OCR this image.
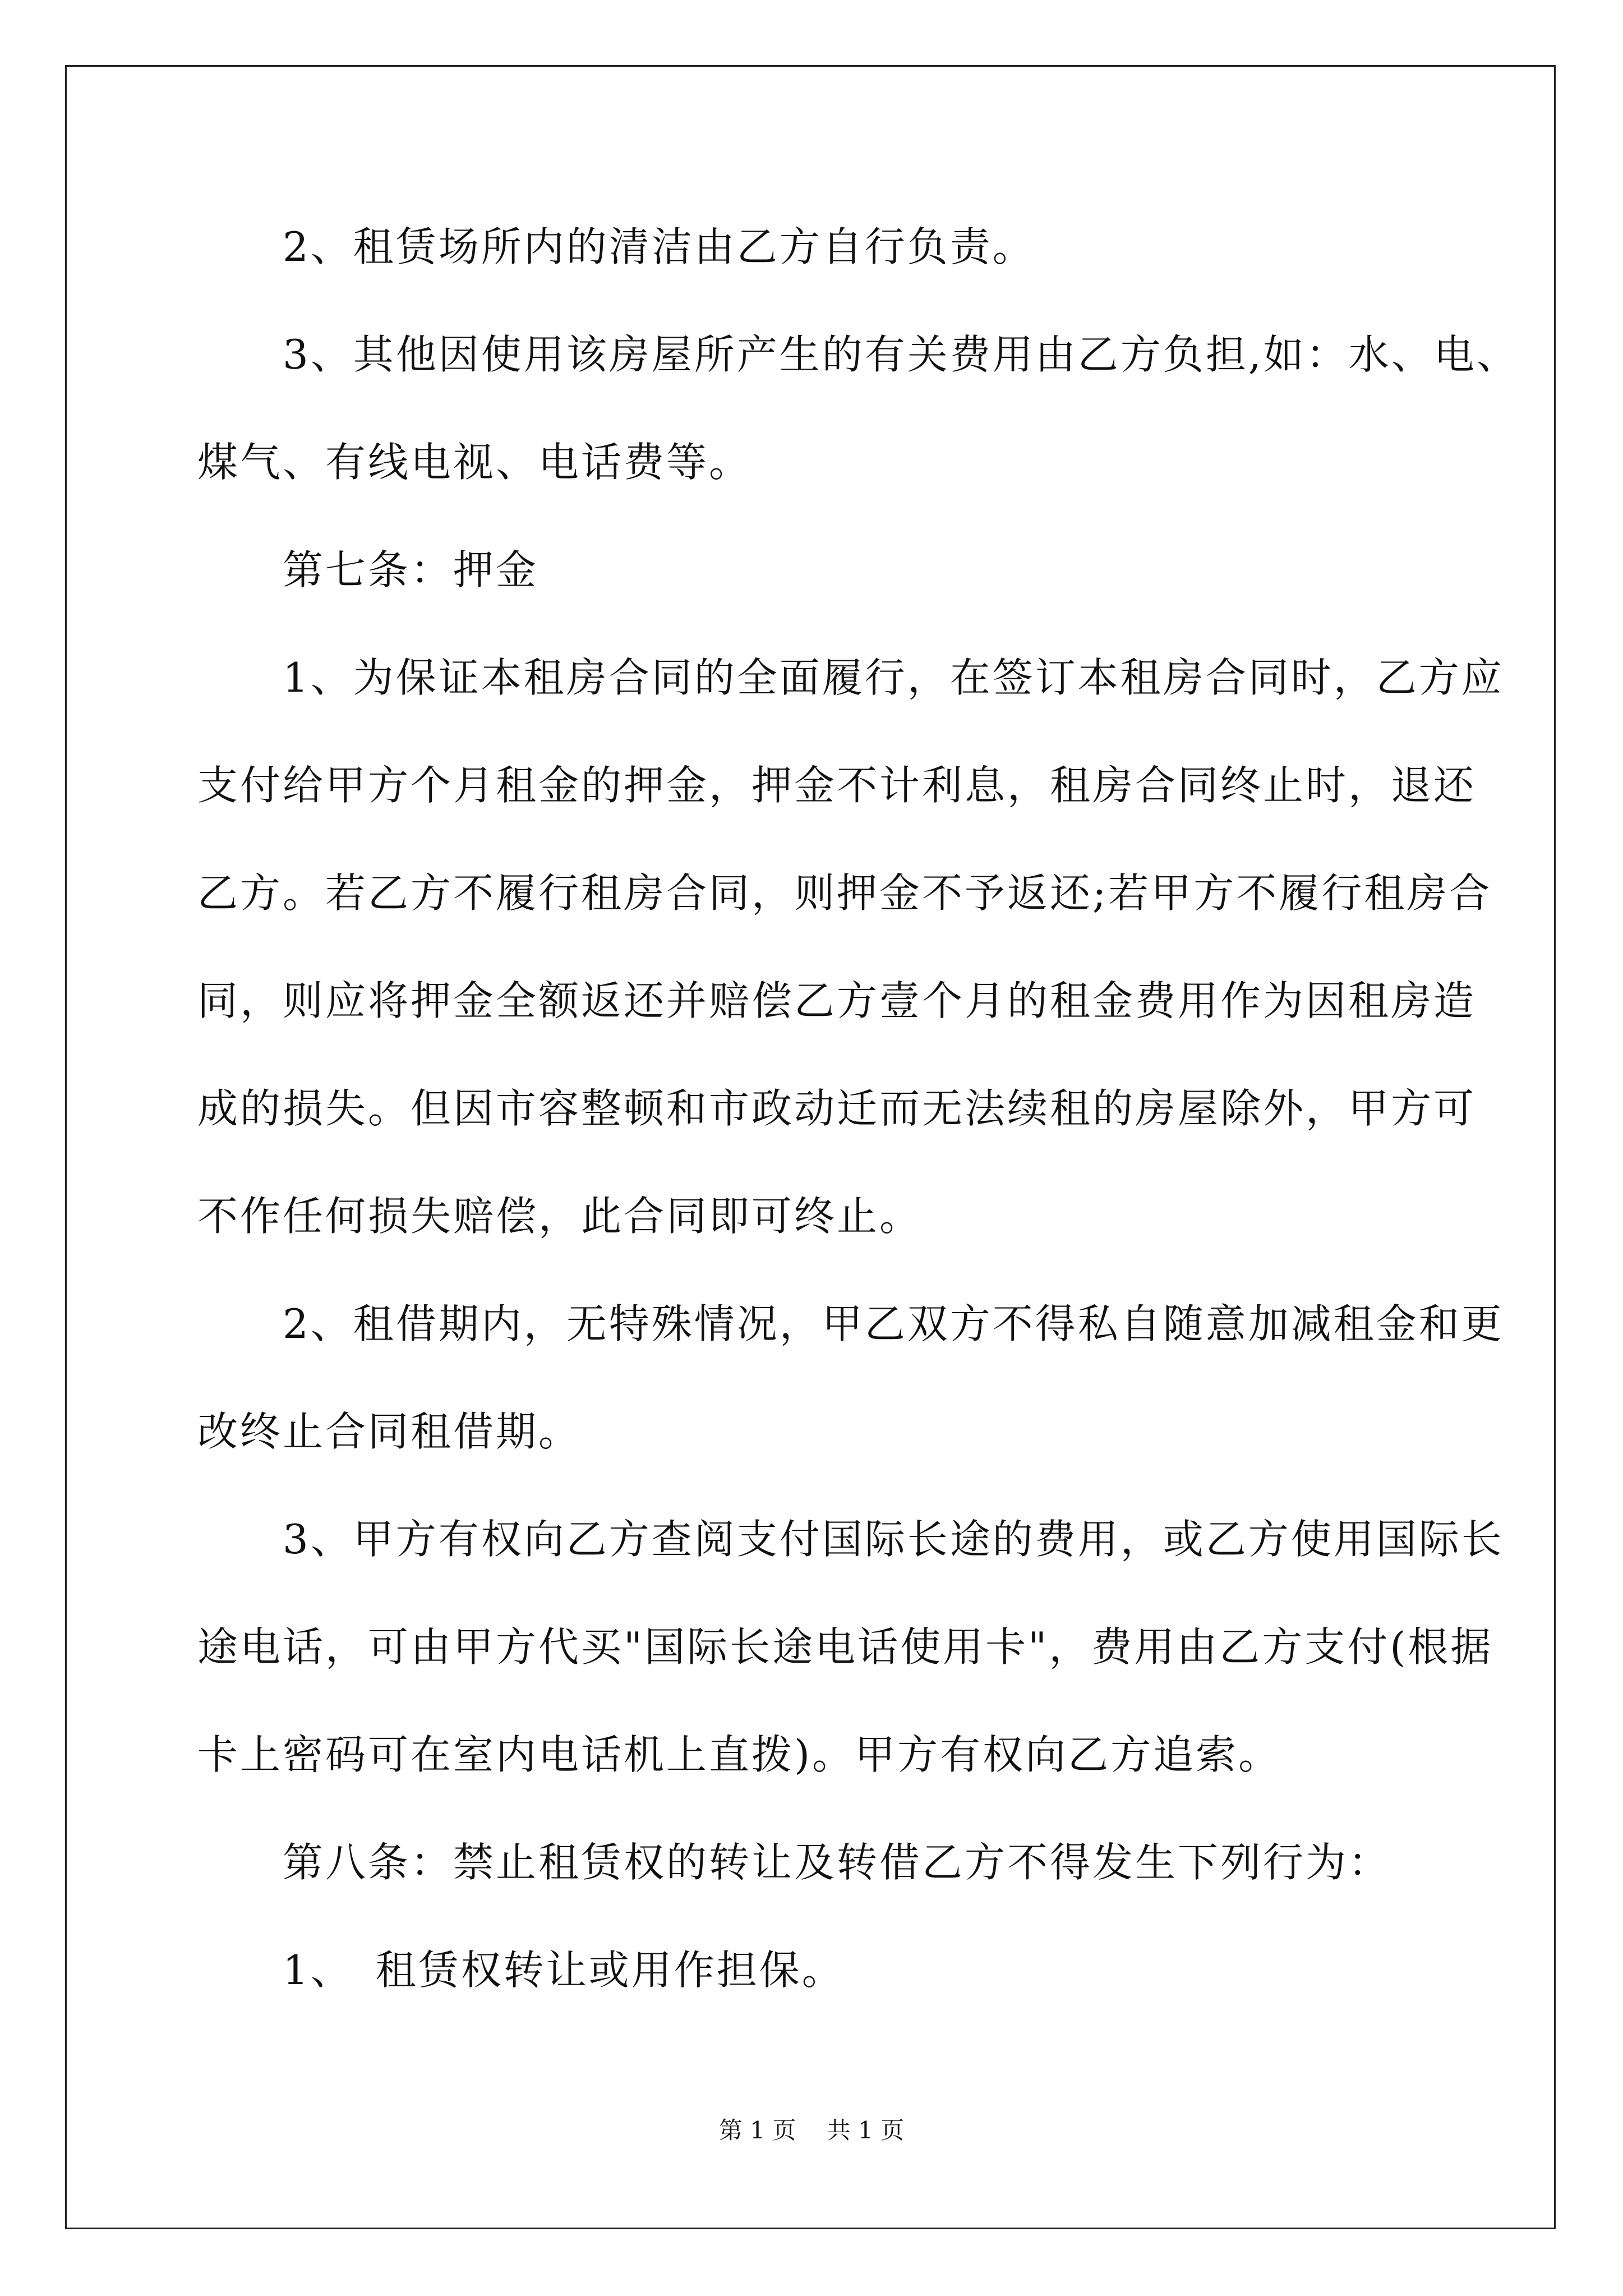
　　2、租赁场所内的清洁由乙方自行负责。
　　3、其他因使用该房屋所产生的有关费用由乙方负担,如：水、电、
煤气、有线电视、电话费等。
　　第七条：押金
　　1、为保证本租房合同的全面履行，在签订本租房合同时，乙方应
支付给甲方个月租金的押金，押金不计利息，租房合同终止时，退还
乙方。若乙方不履行租房合同，则押金不予返还;若甲方不履行租房合
同，则应将押金全额返还并赔偿乙方壹个月的租金费用作为因租房造
成的损失。但因市容整顿和市政动迁而无法续租的房屋除外，甲方可
不作任何损失赔偿，此合同即可终止。
　　2、租借期内，无特殊情况，甲乙双方不得私自随意加减租金和更
改终止合同租借期。
　　3、甲方有权向乙方查阅支付国际长途的费用，或乙方使用国际长
途电话，可由甲方代买"国际长途电话使用卡"，费用由乙方支付(根据
卡上密码可在室内电话机上直拨)。甲方有权向乙方追索。
　　第八条：禁止租赁权的转让及转借乙方不得发生下列行为：
　　1、　租赁权转让或用作担保。
第 1 页　 共 1 页
